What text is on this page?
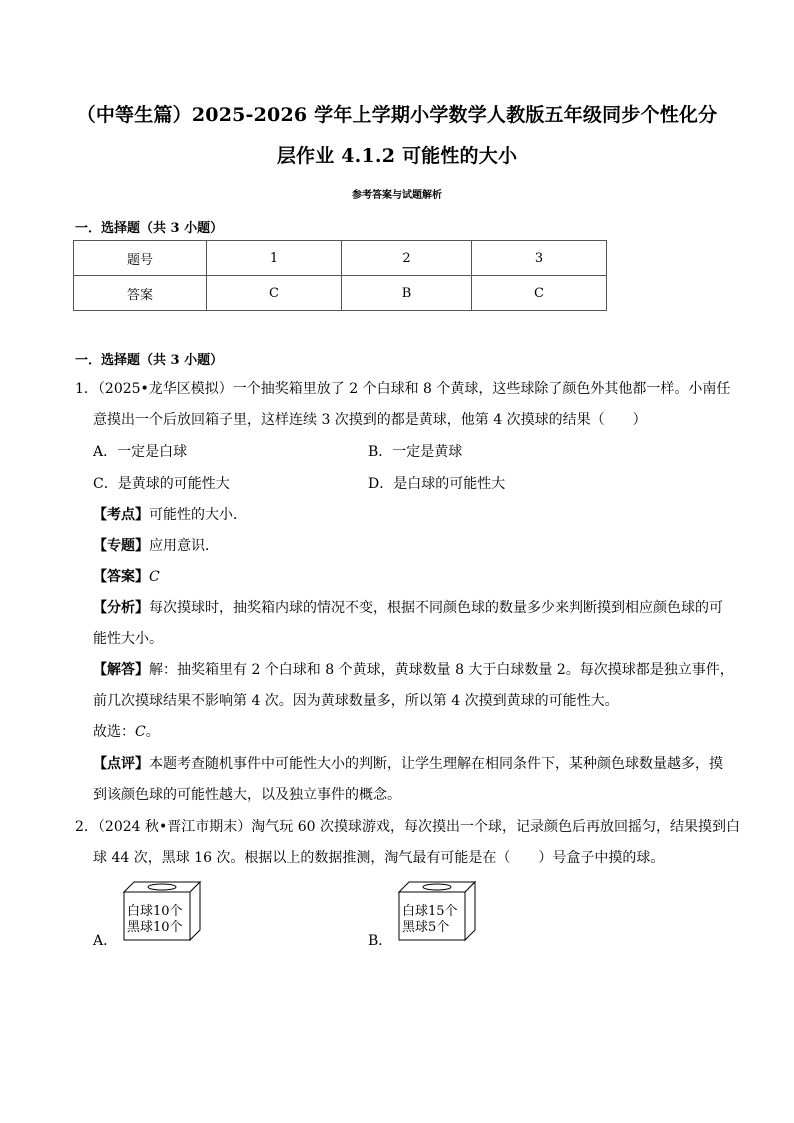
（中等生篇）2025-2026 学年上学期小学数学人教版五年级同步个性化分
层作业 4.1.2 可能性的大小
参考答案与试题解析
一．选择题（共 3 小题）
题号	1	2	3
答案	C	B	C
一．选择题（共 3 小题）
1．（2025•龙华区模拟）一个抽奖箱里放了 2 个白球和 8 个黄球，这些球除了颜色外其他都一样。小南任
意摸出一个后放回箱子里，这样连续 3 次摸到的都是黄球，他第 4 次摸球的结果（　　）
A．一定是白球	B．一定是黄球
C．是黄球的可能性大	D．是白球的可能性大
【考点】可能性的大小．
【专题】应用意识．
【答案】C
【分析】每次摸球时，抽奖箱内球的情况不变，根据不同颜色球的数量多少来判断摸到相应颜色球的可
能性大小。
【解答】解：抽奖箱里有 2 个白球和 8 个黄球，黄球数量 8 大于白球数量 2。每次摸球都是独立事件，
前几次摸球结果不影响第 4 次。因为黄球数量多，所以第 4 次摸到黄球的可能性大。
故选：C。
【点评】本题考查随机事件中可能性大小的判断，让学生理解在相同条件下，某种颜色球数量越多，摸
到该颜色球的可能性越大，以及独立事件的概念。
2．（2024 秋•晋江市期末）淘气玩 60 次摸球游戏，每次摸出一个球，记录颜色后再放回摇匀，结果摸到白
球 44 次，黑球 16 次。根据以上的数据推测，淘气最有可能是在（　　）号盒子中摸的球。
A．
白球10个
黑球10个
B．
白球15个
黑球5个
